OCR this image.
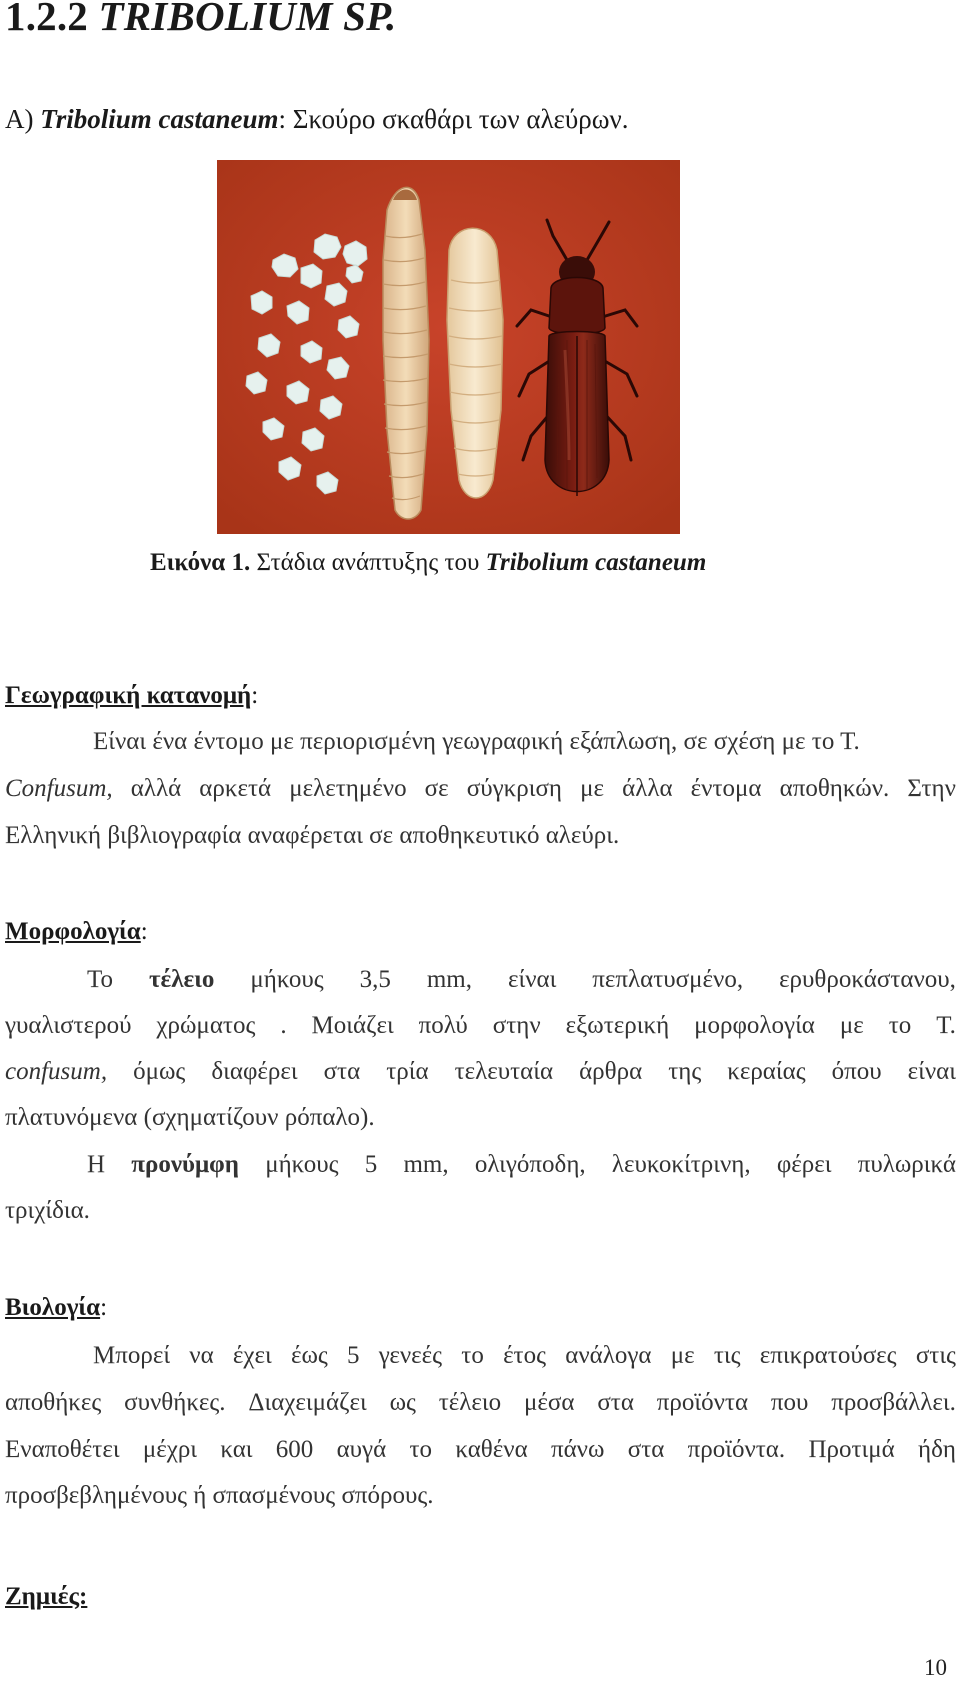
1.2.2 TRIBOLIUM SP.

A) Tribolium castaneum: Σκούρο σκαθάρι των αλεύρων.

Εικόνα 1. Στάδια ανάπτυξης του Tribolium castaneum

Γεωγραφική κατανομή:

Είναι ένα έντομο με περιορισμένη γεωγραφική εξάπλωση, σε σχέση με το Τ.

Confusum, αλλά αρκετά μελετημένο σε σύγκριση με άλλα έντομα αποθηκών. Στην

Ελληνική βιβλιογραφία αναφέρεται σε αποθηκευτικό αλεύρι.

Μορφολογία:

Το τέλειο μήκους 3,5 mm, είναι πεπλατυσμένο, ερυθροκάστανου,

γυαλιστερού χρώματος . Μοιάζει πολύ στην εξωτερική μορφολογία με το Τ.

confusum, όμως διαφέρει στα τρία τελευταία άρθρα της κεραίας όπου είναι

πλατυνόμενα (σχηματίζουν ρόπαλο).

Η προνύμφη μήκους 5 mm, ολιγόποδη, λευκοκίτρινη, φέρει πυλωρικά

τριχίδια.

Βιολογία:

Μπορεί να έχει έως 5 γενεές το έτος ανάλογα με τις επικρατούσες στις

αποθήκες συνθήκες. Διαχειμάζει ως τέλειο μέσα στα προϊόντα που προσβάλλει.

Εναποθέτει μέχρι και 600 αυγά το καθένα πάνω στα προϊόντα. Προτιμά ήδη

προσβεβλημένους ή σπασμένους σπόρους.

Ζημιές:

10
